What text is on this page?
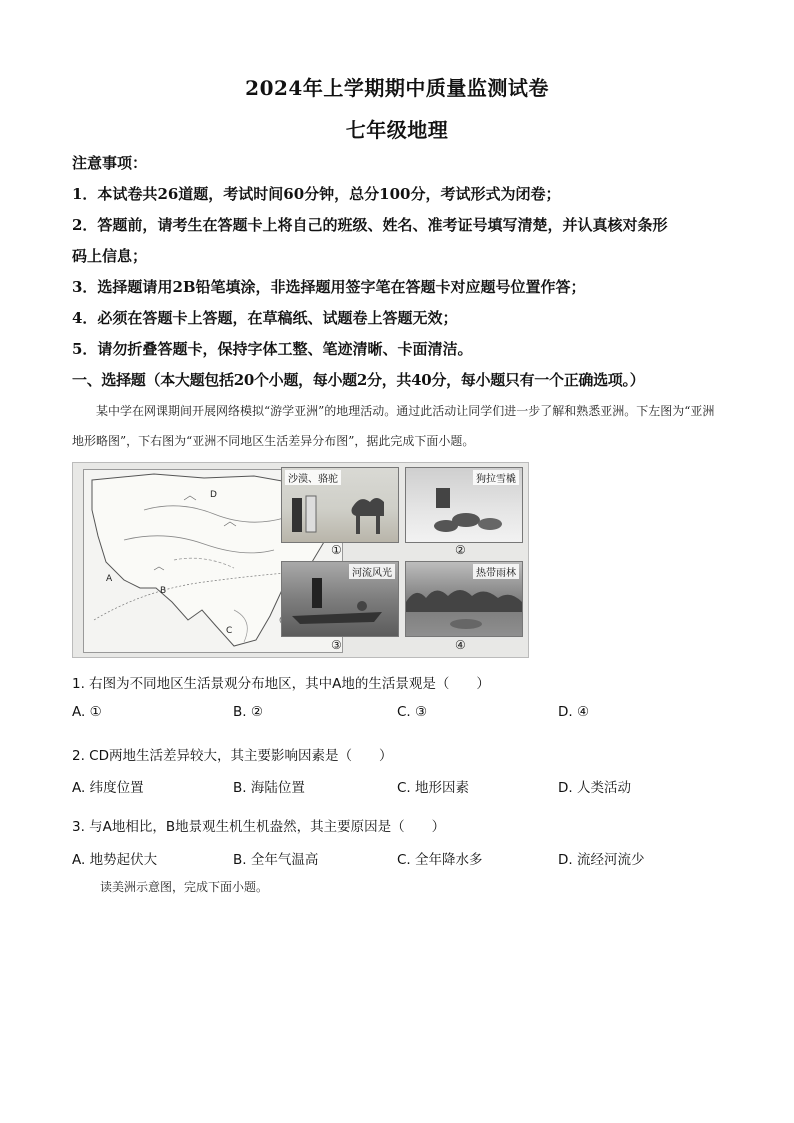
2024年上学期期中质量监测试卷
七年级地理
注意事项：
1．本试卷共26道题，考试时间60分钟，总分100分，考试形式为闭卷；
2．答题前，请考生在答题卡上将自己的班级、姓名、准考证号填写清楚，并认真核对条形
码上信息；
3．选择题请用2B铅笔填涂，非选择题用签字笔在答题卡对应题号位置作答；
4．必须在答题卡上答题，在草稿纸、试题卷上答题无效；
5．请勿折叠答题卡，保持字体工整、笔迹清晰、卡面清洁。
一、选择题（本大题包括20个小题，每小题2分，共40分，每小题只有一个正确选项。）
某中学在网课期间开展网络模拟“游学亚洲”的地理活动。通过此活动让同学们进一步了解和熟悉亚洲。下左图为“亚洲地形略图”，下右图为“亚洲不同地区生活差异分布图”，据此完成下面小题。
D
A
B
C
沙漠、骆驼
①
狗拉雪橇
②
河流风光
③
热带雨林
④
1. 右图为不同地区生活景观分布地区，其中A地的生活景观是（　　）
A. ①	B. ②	C. ③	D. ④
2. CD两地生活差异较大，其主要影响因素是（　　）
A. 纬度位置	B. 海陆位置	C. 地形因素	D. 人类活动
3. 与A地相比，B地景观生机生机盎然，其主要原因是（　　）
A. 地势起伏大	B. 全年气温高	C. 全年降水多	D. 流经河流少
读美洲示意图，完成下面小题。
